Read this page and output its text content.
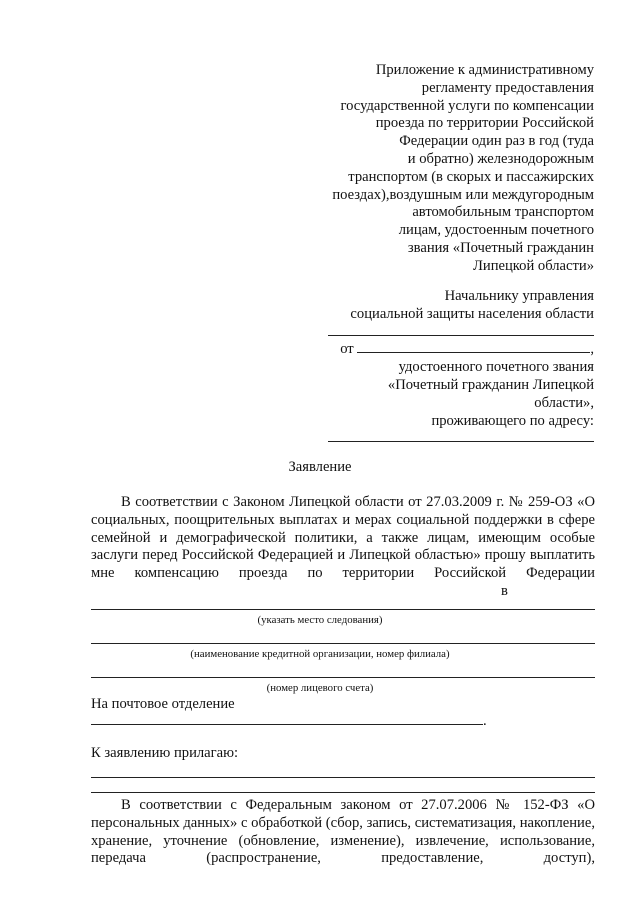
Приложение к административному
регламенту предоставления
государственной услуги по компенсации
проезда по территории Российской
Федерации один раз в год (туда
и обратно) железнодорожным
транспортом (в скорых и пассажирских
поездах),воздушным или междугородным
автомобильным транспортом
лицам, удостоенным почетного
звания «Почетный гражданин
Липецкой области»
Начальнику управления
социальной защиты населения области
от	,
удостоенного почетного звания
«Почетный гражданин Липецкой
области»,
проживающего по адресу:
Заявление
В соответствии с Законом Липецкой области от 27.03.2009 г. № 259-ОЗ «О социальных, поощрительных выплатах и мерах социальной поддержки в сфере семейной и демографической политики, а также лицам, имеющим особые заслуги перед Российской Федерацией и Липецкой областью» прошу выплатить мне компенсацию проезда по территории Российской Федерациив
(указать место следования)
(наименование кредитной организации, номер филиала)
(номер лицевого счета)
На почтовое отделение
.
К заявлению прилагаю:
В соответствии с Федеральным законом от 27.07.2006 № 152-ФЗ «О персональных данных» с обработкой (сбор, запись, систематизация, накопление, хранение, уточнение (обновление, изменение), извлечение, использование, передача (распространение, предоставление, доступ),
